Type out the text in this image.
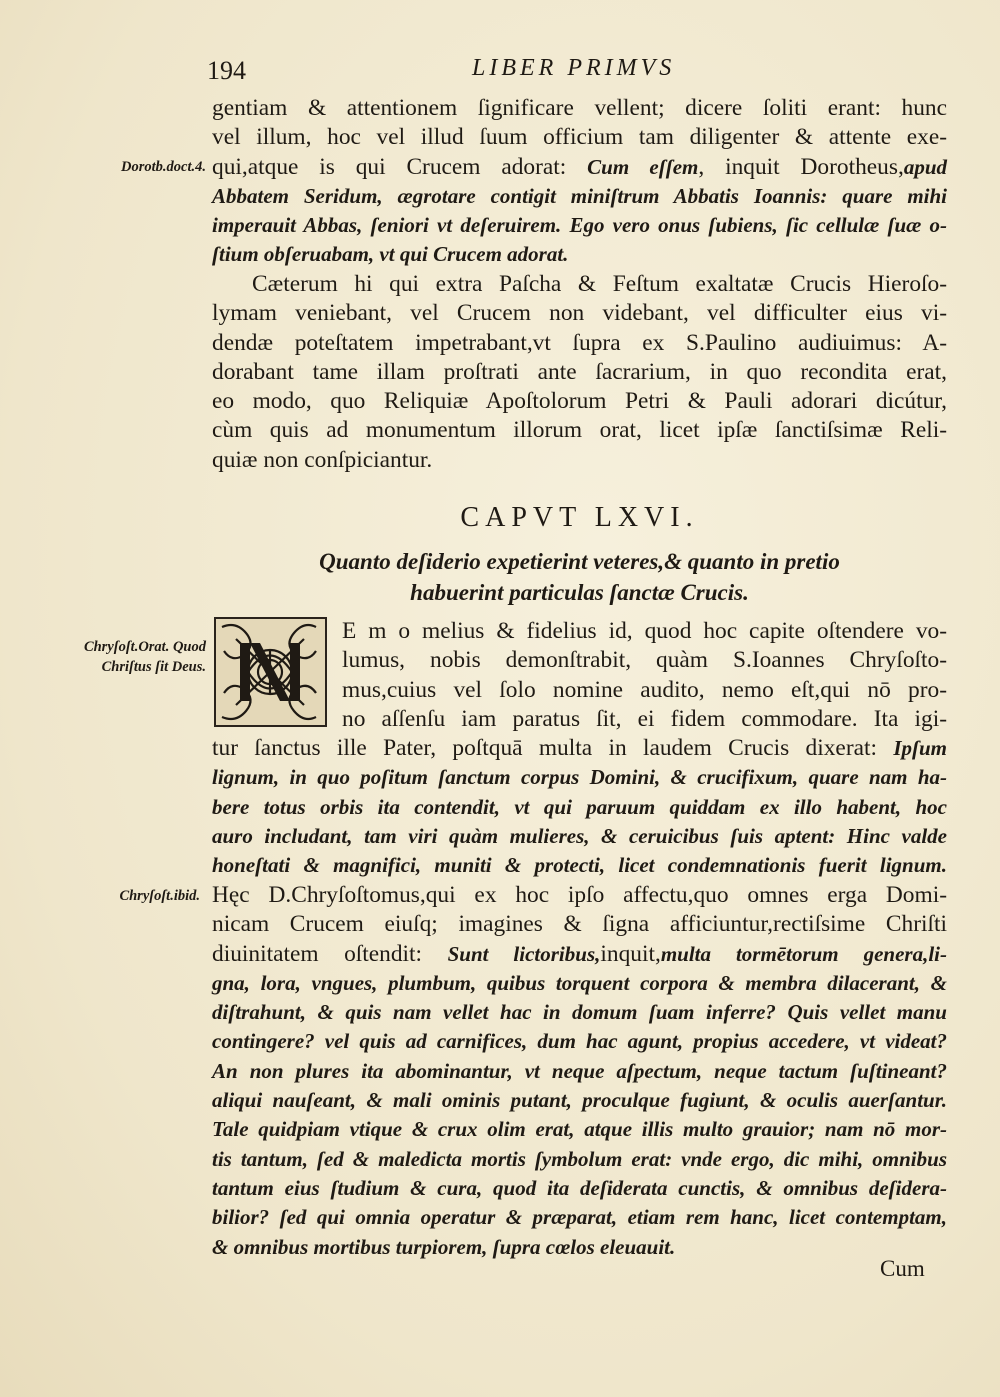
194	LIBER PRIMVS
Dorotb.doct.4.
Chryſoſt.Orat. Quod Chriſtus ſit Deus.
Chryſoſt.ibid.
gentiam & attentionem ſignificare vellent; dicere ſoliti erant: hunc
vel illum, hoc vel illud ſuum officium tam diligenter & attente exe-
qui,atque is qui Crucem adorat: Cum eſſem, inquit Dorotheus,apud
Abbatem Seridum, ægrotare contigit miniſtrum Abbatis Ioannis: quare mihi
imperauit Abbas, ſeniori vt deſeruirem. Ego vero onus ſubiens, ſic cellulæ ſuæ o-
ſtium obſeruabam, vt qui Crucem adorat.
Cæterum hi qui extra Paſcha & Feſtum exaltatæ Crucis Hieroſo-
lymam veniebant, vel Crucem non videbant, vel difficulter eius vi-
dendæ poteſtatem impetrabant,vt ſupra ex S.Paulino audiuimus: A-
dorabant tame illam proſtrati ante ſacrarium, in quo recondita erat,
eo modo, quo Reliquiæ Apoſtolorum Petri & Pauli adorari dicútur,
cùm quis ad monumentum illorum orat, licet ipſæ ſanctiſsimæ Reli-
quiæ non conſpiciantur.
CAPVT LXVI.
Quanto deſiderio expetierint veteres,& quanto in pretio
habuerint particulas ſanctæ Crucis.
E m o melius & fidelius id, quod hoc capite oſtendere vo-
lumus, nobis demonſtrabit, quàm S.Ioannes Chryſoſto-
mus,cuius vel ſolo nomine audito, nemo eſt,qui nō pro-
no aſſenſu iam paratus ſit, ei fidem commodare. Ita igi-
tur ſanctus ille Pater, poſtquā multa in laudem Crucis dixerat: Ipſum
lignum, in quo poſitum ſanctum corpus Domini, & crucifixum, quare nam ha-
bere totus orbis ita contendit, vt qui paruum quiddam ex illo habent, hoc
auro includant, tam viri quàm mulieres, & ceruicibus ſuis aptent: Hinc valde
honeſtati & magnifici, muniti & protecti, licet condemnationis fuerit lignum.
Hęc D.Chryſoſtomus,qui ex hoc ipſo affectu,quo omnes erga Domi-
nicam Crucem eiuſq; imagines & ſigna afficiuntur,rectiſsime Chriſti
diuinitatem oſtendit: Sunt lictoribus,inquit,multa tormētorum genera,li-
gna, lora, vngues, plumbum, quibus torquent corpora & membra dilacerant, &
diſtrahunt, & quis nam vellet hac in domum ſuam inferre? Quis vellet manu
contingere? vel quis ad carnifices, dum hac agunt, propius accedere, vt videat?
An non plures ita abominantur, vt neque aſpectum, neque tactum ſuſtineant?
aliqui nauſeant, & mali ominis putant, proculque fugiunt, & oculis auerſantur.
Tale quidpiam vtique & crux olim erat, atque illis multo grauior; nam nō mor-
tis tantum, ſed & maledicta mortis ſymbolum erat: vnde ergo, dic mihi, omnibus
tantum eius ſtudium & cura, quod ita deſiderata cunctis, & omnibus deſidera-
bilior? ſed qui omnia operatur & præparat, etiam rem hanc, licet contemptam,
& omnibus mortibus turpiorem, ſupra cœlos eleuauit.
Cum
